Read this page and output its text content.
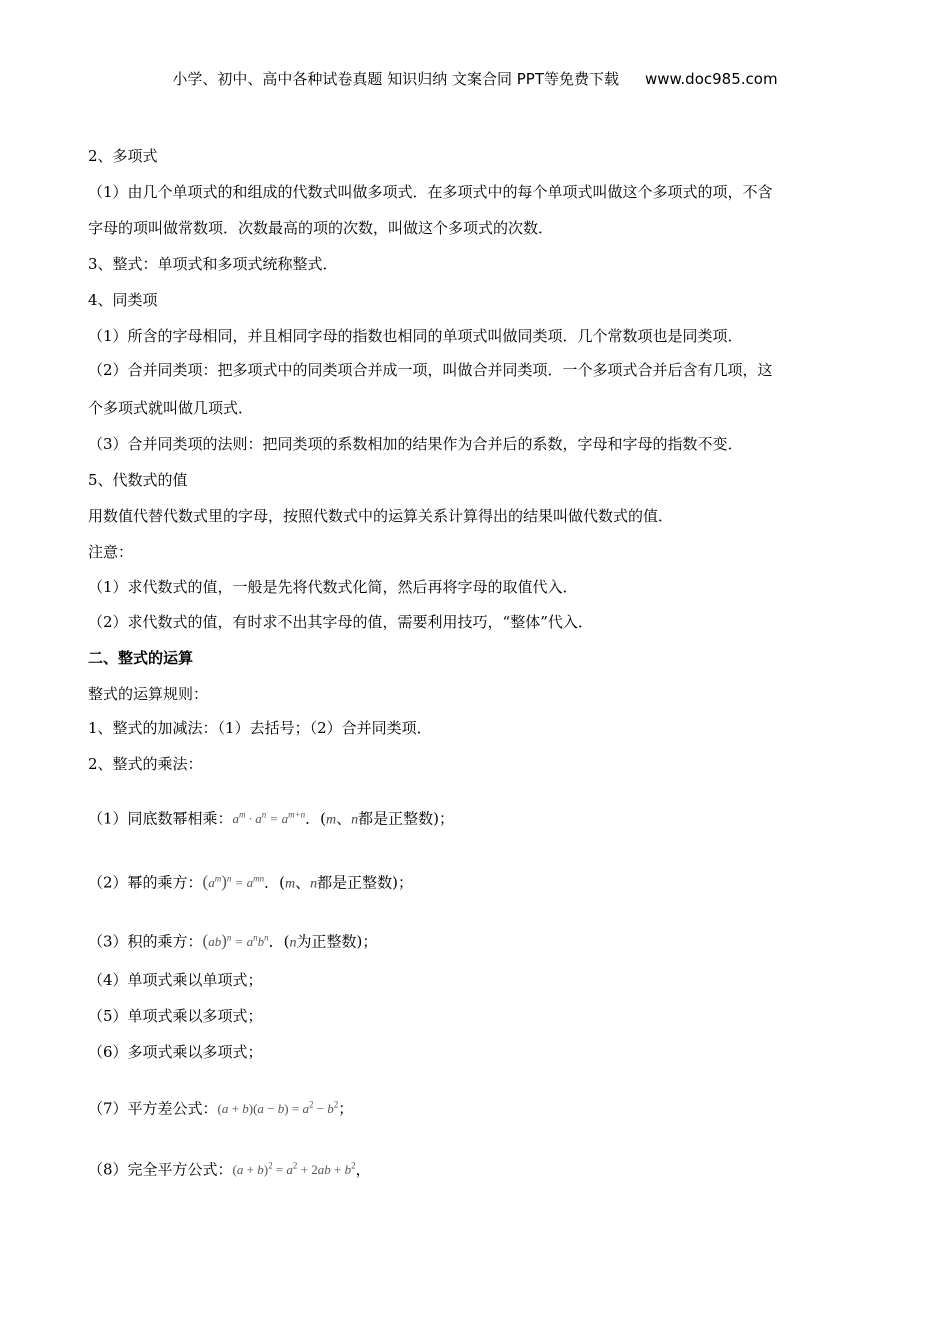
小学、初中、高中各种试卷真题 知识归纳 文案合同 PPT等免费下载 www.doc985.com
2、多项式
（1）由几个单项式的和组成的代数式叫做多项式．在多项式中的每个单项式叫做这个多项式的项，不含
字母的项叫做常数项．次数最高的项的次数，叫做这个多项式的次数．
3、整式：单项式和多项式统称整式．
4、同类项
（1）所含的字母相同，并且相同字母的指数也相同的单项式叫做同类项．几个常数项也是同类项．
（2）合并同类项：把多项式中的同类项合并成一项，叫做合并同类项．一个多项式合并后含有几项，这
个多项式就叫做几项式．
（3）合并同类项的法则：把同类项的系数相加的结果作为合并后的系数，字母和字母的指数不变．
5、代数式的值
用数值代替代数式里的字母，按照代数式中的运算关系计算得出的结果叫做代数式的值．
注意：
（1）求代数式的值，一般是先将代数式化简，然后再将字母的取值代入．
（2）求代数式的值，有时求不出其字母的值，需要利用技巧，“整体”代入．
二、整式的运算
整式的运算规则：
1、整式的加减法：（1）去括号；（2）合并同类项．
2、整式的乘法：
（1）同底数幂相乘：$a^m \cdot a^n = a^{m+n}$．(m、n都是正整数)；
（2）幂的乘方：$(a^m)^n = a^{mn}$．(m、n都是正整数)；
（3）积的乘方：$(ab)^n = a^nb^n$．(n为正整数)；
（4）单项式乘以单项式；
（5）单项式乘以多项式；
（6）多项式乘以多项式；
（7）平方差公式：$(a + b)(a - b) = a^2 - b^2$；
（8）完全平方公式：$(a + b)^2 = a^2 + 2ab + b^2$，
